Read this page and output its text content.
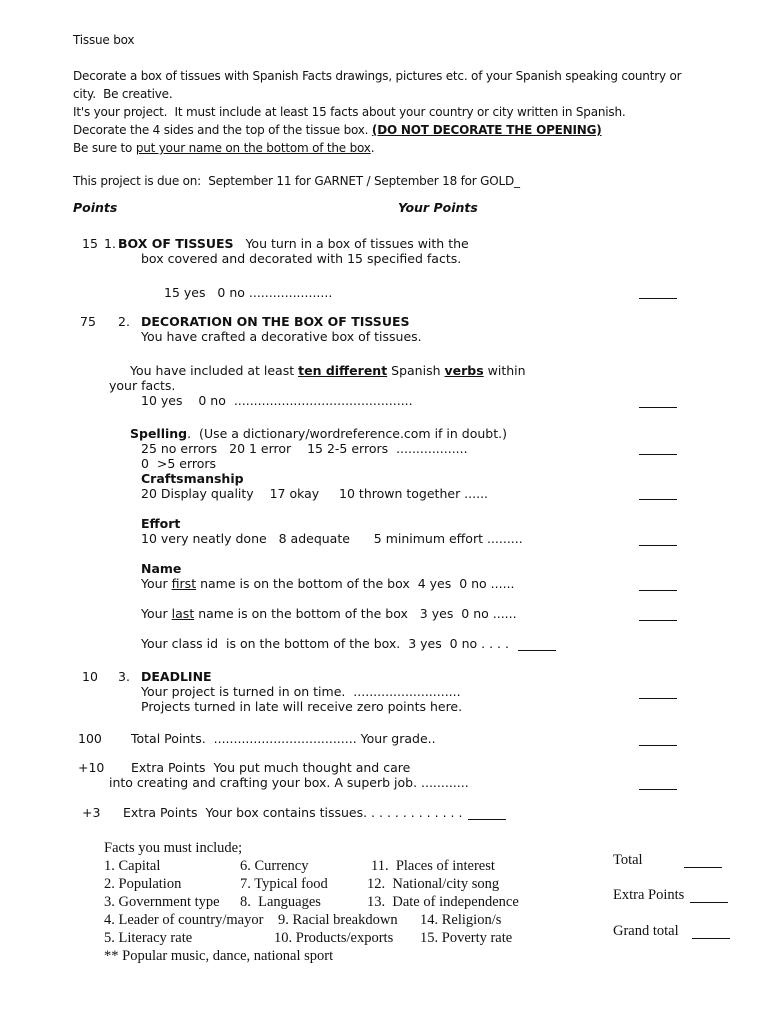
Tissue box
Decorate a box of tissues with Spanish Facts drawings, pictures etc. of your Spanish speaking country or
city.  Be creative.
It's your project.  It must include at least 15 facts about your country or city written in Spanish.
Decorate the 4 sides and the top of the tissue box. (DO NOT DECORATE THE OPENING)
Be sure to put your name on the bottom of the box.
This project is due on:  September 11 for GARNET / September 18 for GOLD_
Points	Your Points
15 1. BOX OF TISSUES   You turn in a box of tissues with the
box covered and decorated with 15 specified facts.
15 yes   0 no .....................
75 2. DECORATION ON THE BOX OF TISSUES
You have crafted a decorative box of tissues.
You have included at least ten different Spanish verbs within
your facts.
10 yes    0 no  .............................................
Spelling.  (Use a dictionary/wordreference.com if in doubt.)
25 no errors   20 1 error    15 2-5 errors  ..................
0  >5 errors
Craftsmanship
20 Display quality    17 okay     10 thrown together ......
Effort
10 very neatly done   8 adequate      5 minimum effort .........
Name
Your first name is on the bottom of the box  4 yes  0 no ......
Your last name is on the bottom of the box   3 yes  0 no ......
Your class id  is on the bottom of the box.  3 yes  0 no . . . .
10 3. DEADLINE
Your project is turned in on time.  ...........................
Projects turned in late will receive zero points here.
100 Total Points.  .................................... Your grade..
+10 Extra Points  You put much thought and care
into creating and crafting your box. A superb job. ............
+3 Extra Points  Your box contains tissues. . . . . . . . . . . . .
Facts you must include;
1. Capital
2. Population
3. Government type
4. Leader of country/mayor
5. Literacy rate
6. Currency
7. Typical food
8.  Languages
9. Racial breakdown
10. Products/exports
11.  Places of interest
12.  National/city song
13.  Date of independence
14. Religion/s
15. Poverty rate
** Popular music, dance, national sport
Total
Extra Points
Grand total
